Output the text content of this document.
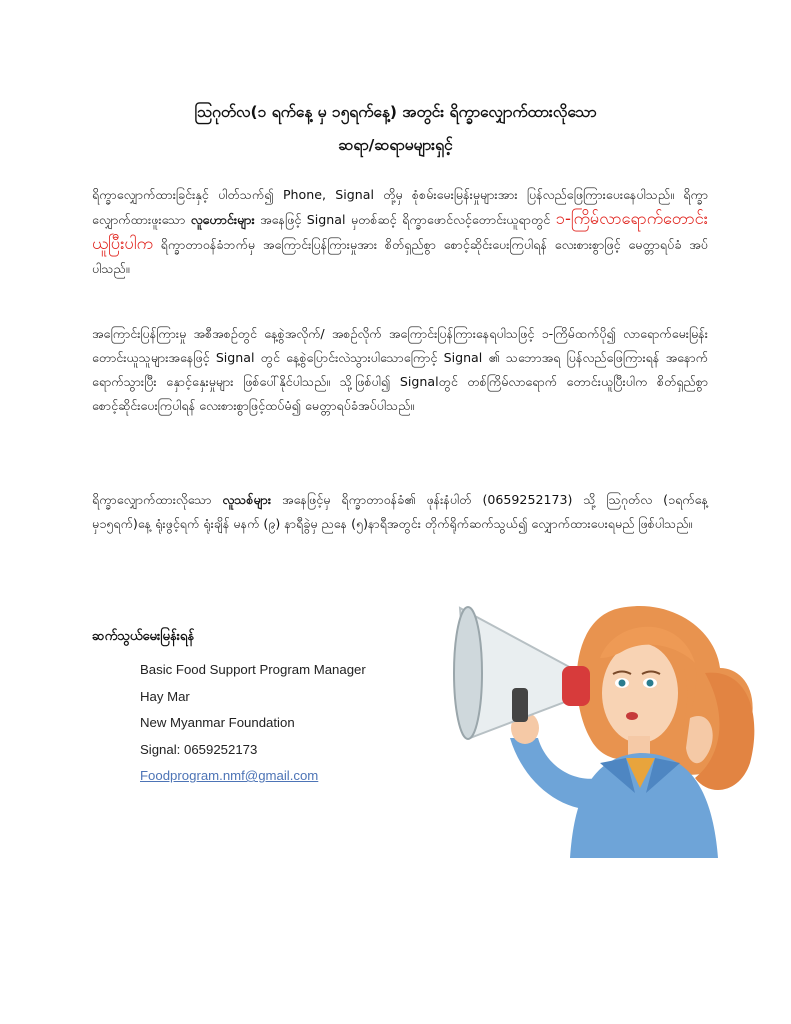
ဩဂုတ်လ(၁ ရက်နေ့ မှ ၁၅ရက်နေ့) အတွင်း ရိက္ခာလျှောက်ထားလိုသော
ဆရာ/ဆရာမများရှင့်
ရိက္ခာလျှောက်ထားခြင်းနှင့် ပါတ်သက်၍ Phone, Signal တို့မှ စုံစမ်းမေးမြန်းမှုများအား ပြန်လည်ဖြေကြားပေးနေပါသည်။ ရိက္ခာလျှောက်ထားဖူးသော လူဟောင်းများ အနေဖြင့် Signal မှတစ်ဆင့် ရိက္ခာဖောင်လင့်တောင်းယူရာတွင် ၁-ကြိမ်လာရောက်တောင်းယူပြီးပါက ရိက္ခာတာဝန်ခံဘက်မှ အကြောင်းပြန်ကြားမှုအား စိတ်ရှည်စွာ စောင့်ဆိုင်းပေးကြပါရန် လေးစားစွာဖြင့် မေတ္တာရပ်ခံ အပ်ပါသည်။
အကြောင်းပြန်ကြားမှု အစီအစဉ်တွင် နေ့စွဲအလိုက်/ အစဉ်လိုက် အကြောင်းပြန်ကြားနေရပါသဖြင့် ၁-ကြိမ်ထက်ပို၍ လာရောက်မေးမြန်းတောင်းယူသူများအနေဖြင့် Signal တွင် နေ့စွဲပြောင်းလဲသွားပါသောကြောင့် Signal ၏ သဘောအရ ပြန်လည်ဖြေကြားရန် အနောက်ရောက်သွားပြီး နှောင့်နှေးမှုများ ဖြစ်ပေါ်နိုင်ပါသည်။ သို့ဖြစ်ပါ၍ Signalတွင် တစ်ကြိမ်လာရောက် တောင်းယူပြီးပါက စိတ်ရှည်စွာ စောင့်ဆိုင်းပေးကြပါရန် လေးစားစွာဖြင့်ထပ်မံ၍ မေတ္တာရပ်ခံအပ်ပါသည်။
ရိက္ခာလျှောက်ထားလိုသော လူသစ်များ အနေဖြင့်မှ ရိက္ခာတာဝန်ခံ၏ ဖုန်းနံပါတ် (0659252173) သို့ ဩဂုတ်လ (၁ရက်နေ့မှ၁၅ရက်)နေ့ ရုံးဖွင့်ရက် ရုံးချိန် မနက် (၉) နာရီခွဲမှ ညနေ (၅)နာရီအတွင်း တိုက်ရိုက်ဆက်သွယ်၍ လျှောက်ထားပေးရမည် ဖြစ်ပါသည်။
ဆက်သွယ်မေးမြန်းရန်
Basic Food Support Program Manager
Hay Mar
New Myanmar Foundation
Signal: 0659252173
Foodprogram.nmf@gmail.com
